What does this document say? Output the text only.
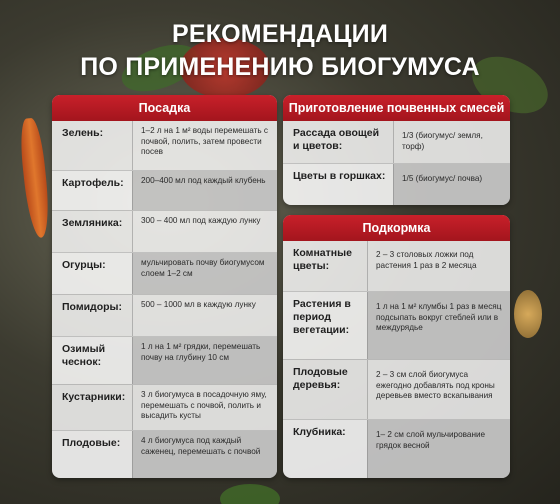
РЕКОМЕНДАЦИИ
ПО ПРИМЕНЕНИЮ БИОГУМУСА
Посадка
Зелень:	1–2 л на 1 м² воды перемешать с почвой, полить, затем провести посев
Картофель:	200–400 мл под каждый клубень
Земляника:	300 – 400 мл под каждую лунку
Огурцы:	мульчировать почву биогумусом слоем 1–2 см
Помидоры:	500 – 1000 мл в каждую лунку
Озимый чеснок:
1 л на 1 м² грядки, перемешать почву на глубину 10 см
Кустарники:	3 л биогумуса в посадочную яму, перемешать с почвой, полить и высадить кусты
Плодовые:	4 л биогумуса под каждый саженец, перемешать с почвой
Приготовление почвенных смесей
Рассада овощей и цветов:
1/3 (биогумус/ земля, торф)
Цветы в горшках:	1/5 (биогумус/ почва)
Подкормка
Комнатные цветы:
2 – 3 столовых ложки под растения 1 раз в 2 месяца
Растения в период вегетации:
1 л на 1 м² клумбы 1 раз в месяц подсыпать вокруг стеблей или в междурядье
Плодовые деревья:
2 – 3 см слой биогумуса ежегодно добавлять под кроны деревьев вместо вскапывания
Клубника:	1– 2 см слой мульчирование грядок весной
